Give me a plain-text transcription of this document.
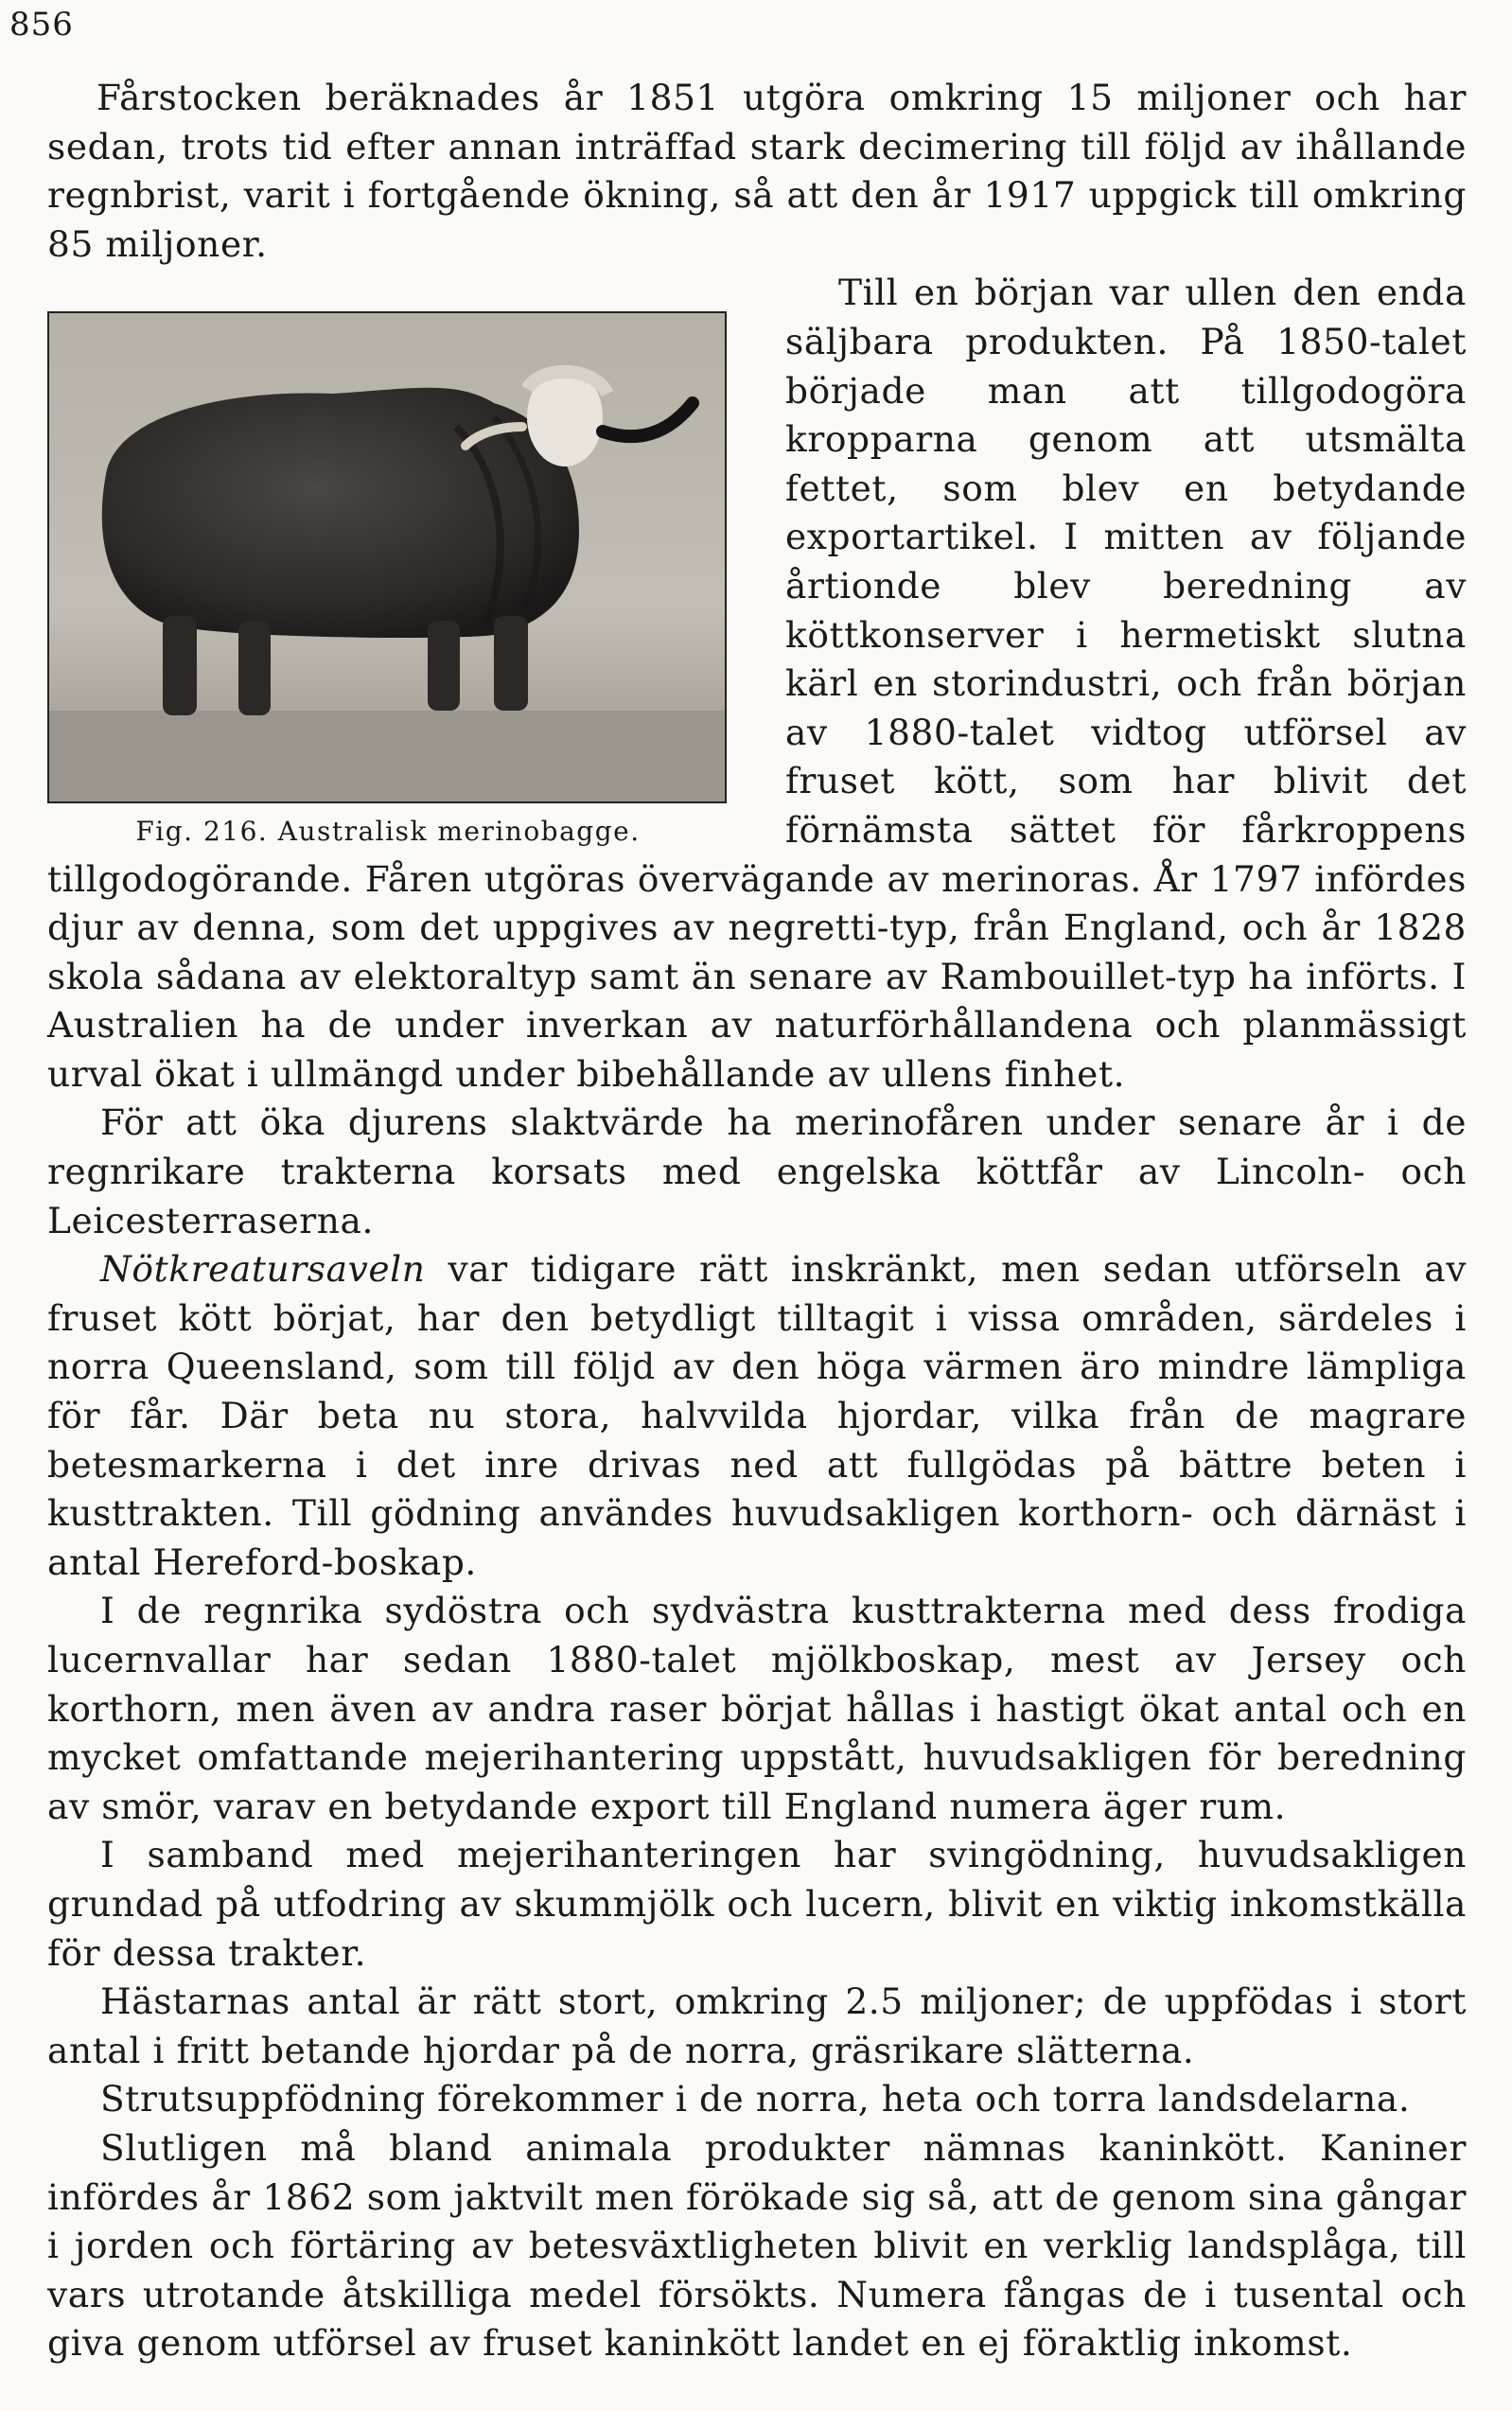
856

Fårstocken beräknades år 1851 utgöra omkring 15 miljoner och har sedan, trots tid efter annan inträffad stark decimering till följd av ihållande regnbrist, varit i fortgående ökning, så att den år 1917 uppgick till omkring 85 miljoner.

Fig. 216. Australisk merinobagge.
Till en början var ullen den enda säljbara produkten. På 1850-talet började man att tillgodogöra kropparna genom att utsmälta fettet, som blev en betydande exportartikel. I mitten av följande årtionde blev beredning av köttkonserver i hermetiskt slutna kärl en storindustri, och från början av 1880-talet vidtog utförsel av fruset kött, som har blivit det förnämsta sättet för fårkroppens tillgodogörande. Fåren utgöras övervägande av merinoras. År 1797 infördes djur av denna, som det uppgives av negretti-typ, från England, och år 1828 skola sådana av elektoraltyp samt än senare av Rambouillet-typ ha införts. I Australien ha de under inverkan av naturförhållandena och planmässigt urval ökat i ullmängd under bibehållande av ullens finhet.

För att öka djurens slaktvärde ha merinofåren under senare år i de regnrikare trakterna korsats med engelska köttfår av Lincoln- och Leicesterraserna.

Nötkreatursaveln var tidigare rätt inskränkt, men sedan utförseln av fruset kött börjat, har den betydligt tilltagit i vissa områden, särdeles i norra Queensland, som till följd av den höga värmen äro mindre lämpliga för får. Där beta nu stora, halvvilda hjordar, vilka från de magrare betesmarkerna i det inre drivas ned att fullgödas på bättre beten i kusttrakten. Till gödning användes huvudsakligen korthorn- och därnäst i antal Hereford-boskap.

I de regnrika sydöstra och sydvästra kusttrakterna med dess frodiga lucernvallar har sedan 1880-talet mjölkboskap, mest av Jersey och korthorn, men även av andra raser börjat hållas i hastigt ökat antal och en mycket omfattande mejerihantering uppstått, huvudsakligen för beredning av smör, varav en betydande export till England numera äger rum.

I samband med mejerihanteringen har svingödning, huvudsakligen grundad på utfodring av skummjölk och lucern, blivit en viktig inkomstkälla för dessa trakter.

Hästarnas antal är rätt stort, omkring 2.5 miljoner; de uppfödas i stort antal i fritt betande hjordar på de norra, gräsrikare slätterna.

Strutsuppfödning förekommer i de norra, heta och torra landsdelarna.

Slutligen må bland animala produkter nämnas kaninkött. Kaniner infördes år 1862 som jaktvilt men förökade sig så, att de genom sina gångar i jorden och förtäring av betesväxtligheten blivit en verklig landsplåga, till vars utrotande åtskilliga medel försökts. Numera fångas de i tusental och giva genom utförsel av fruset kaninkött landet en ej föraktlig inkomst.
